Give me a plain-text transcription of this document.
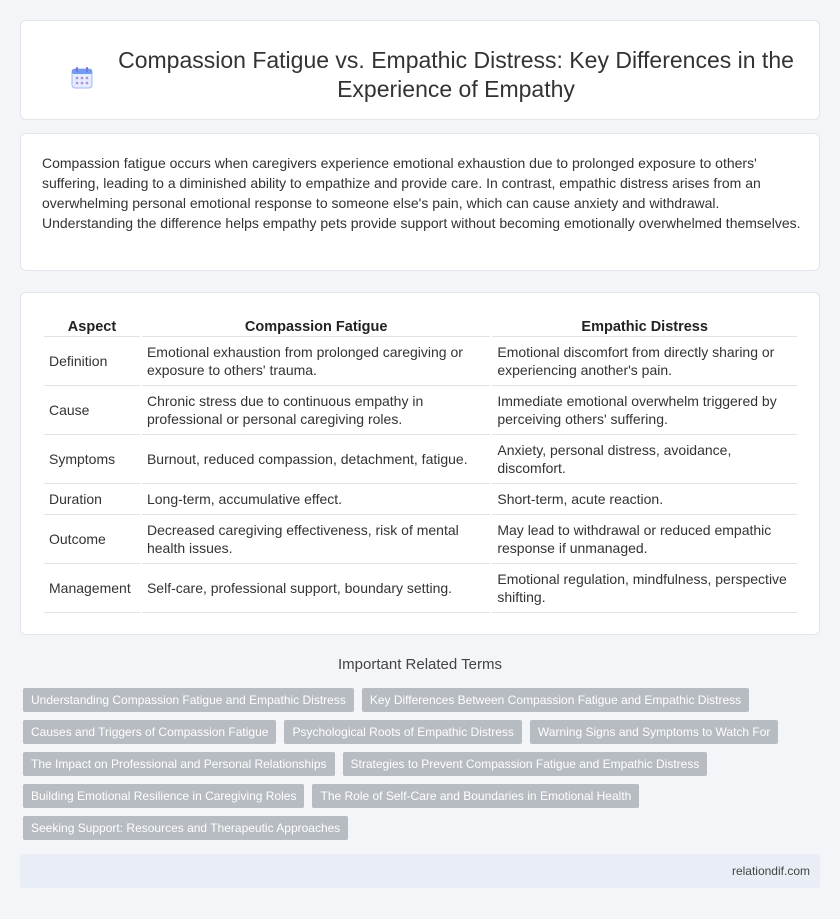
Compassion Fatigue vs. Empathic Distress: Key Differences in the Experience of Empathy

Compassion fatigue occurs when caregivers experience emotional exhaustion due to prolonged exposure to others' suffering, leading to a diminished ability to empathize and provide care. In contrast, empathic distress arises from an overwhelming personal emotional response to someone else's pain, which can cause anxiety and withdrawal. Understanding the difference helps empathy pets provide support without becoming emotionally overwhelmed themselves.

Aspect	Compassion Fatigue	Empathic Distress
Definition	Emotional exhaustion from prolonged caregiving or exposure to others' trauma.	Emotional discomfort from directly sharing or experiencing another's pain.
Cause	Chronic stress due to continuous empathy in professional or personal caregiving roles.	Immediate emotional overwhelm triggered by perceiving others' suffering.
Symptoms	Burnout, reduced compassion, detachment, fatigue.	Anxiety, personal distress, avoidance, discomfort.
Duration	Long-term, accumulative effect.	Short-term, acute reaction.
Outcome	Decreased caregiving effectiveness, risk of mental health issues.	May lead to withdrawal or reduced empathic response if unmanaged.
Management	Self-care, professional support, boundary setting.	Emotional regulation, mindfulness, perspective shifting.
Important Related Terms
Understanding Compassion Fatigue and Empathic Distress	Key Differences Between Compassion Fatigue and Empathic Distress
Causes and Triggers of Compassion Fatigue	Psychological Roots of Empathic Distress	Warning Signs and Symptoms to Watch For
The Impact on Professional and Personal Relationships	Strategies to Prevent Compassion Fatigue and Empathic Distress
Building Emotional Resilience in Caregiving Roles	The Role of Self-Care and Boundaries in Emotional Health
Seeking Support: Resources and Therapeutic Approaches
relationdif.com
